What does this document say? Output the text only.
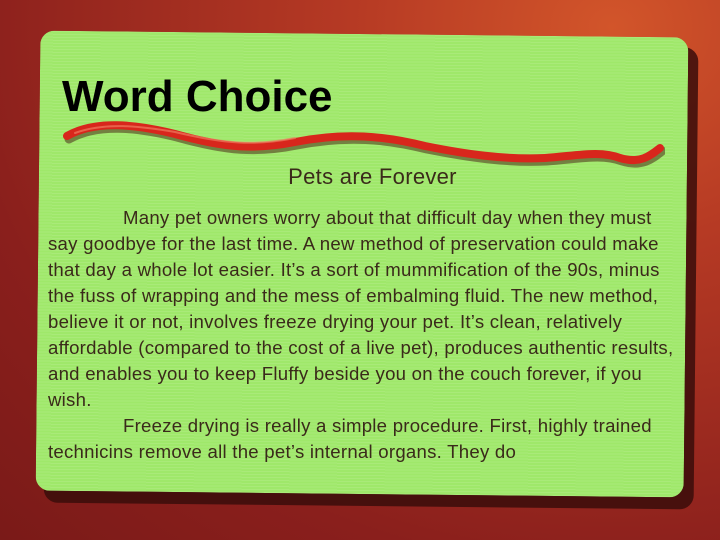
Word Choice
Pets are Forever

Many pet owners worry about that difficult day when they must say goodbye for the last time. A new method of preservation could make that day a whole lot easier. It’s a sort of mummification of the 90s, minus the fuss of wrapping and the mess of embalming fluid. The new method, believe it or not, involves freeze drying your pet. It’s clean, relatively affordable (compared to the cost of a live pet), produces authentic results, and enables you to keep Fluffy beside you on the couch forever, if you wish.

Freeze drying is really a simple procedure. First, highly trained technicins remove all the pet’s internal organs. They do
